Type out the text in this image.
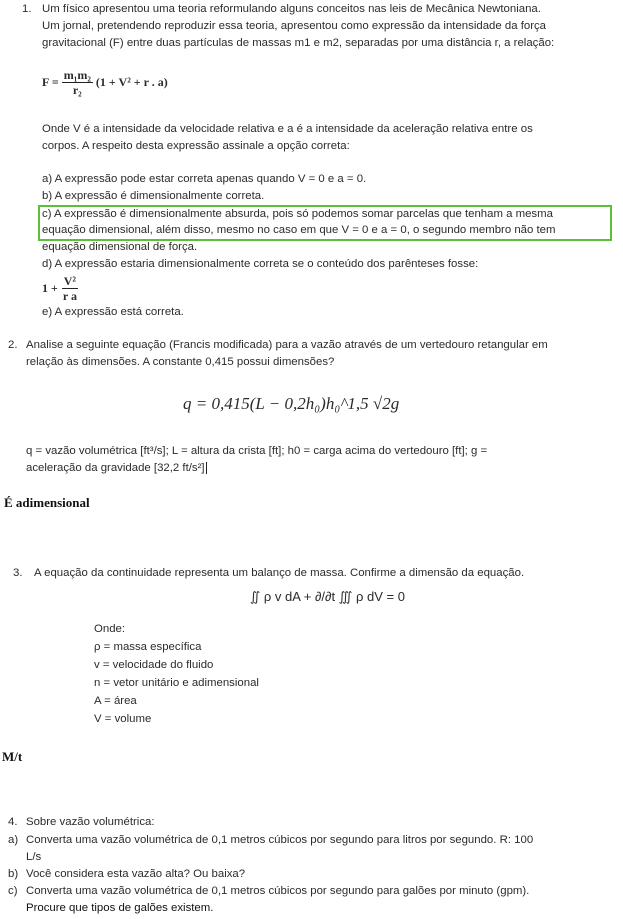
1. Um físico apresentou uma teoria reformulando alguns conceitos nas leis de Mecânica Newtoniana.
Um jornal, pretendendo reproduzir essa teoria, apresentou como expressão da intensidade da força
gravitacional (F) entre duas partículas de massas m1 e m2, separadas por uma distância r, a relação:
$F = \frac{\text{m₁m₂}}{\text{r₂}} (1 + V^2 + r$ . a)
Onde V é a intensidade da velocidade relativa e a é a intensidade da aceleração relativa entre os
corpos. A respeito desta expressão assinale a opção correta:
a) A expressão pode estar correta apenas quando V = 0 e a = 0.
b) A expressão é dimensionalmente correta.
c) A expressão é dimensionalmente absurda, pois só podemos somar parcelas que tenham a mesma
equação dimensional, além disso, mesmo no caso em que V = 0 e a = 0, o segundo membro não tem
equação dimensional de força.
d) A expressão estaria dimensionalmente correta se o conteúdo dos parênteses fosse:
$1 + \frac{\text{V²}}{\text{r a}}$
e) A expressão está correta.
2. Analise a seguinte equação (Francis modificada) para a vazão através de um vertedouro retangular em
relação às dimensões. A constante 0,415 possui dimensões?
q = 0,415(L − 0,2h₀)h₀^1,5 √2g
q = vazão volumétrica [ft³/s]; L = altura da crista [ft]; h0 = carga acima do vertedouro [ft]; g =
aceleração da gravidade [32,2 ft/s²]
É adimensional
3. A equação da continuidade representa um balanço de massa. Confirme a dimensão da equação.
∬ ρ v dA + ∂/∂t ∭ ρ dV = 0
Onde:
ρ = massa específica
v = velocidade do fluido
n = vetor unitário e adimensional
A = área
V = volume
M/t
4. Sobre vazão volumétrica:
a) Converta uma vazão volumétrica de 0,1 metros cúbicos por segundo para litros por segundo. R: 100
L/s
b) Você considera esta vazão alta? Ou baixa?
c) Converta uma vazão volumétrica de 0,1 metros cúbicos por segundo para galões por minuto (gpm).
Procure que tipos de galões existem.
